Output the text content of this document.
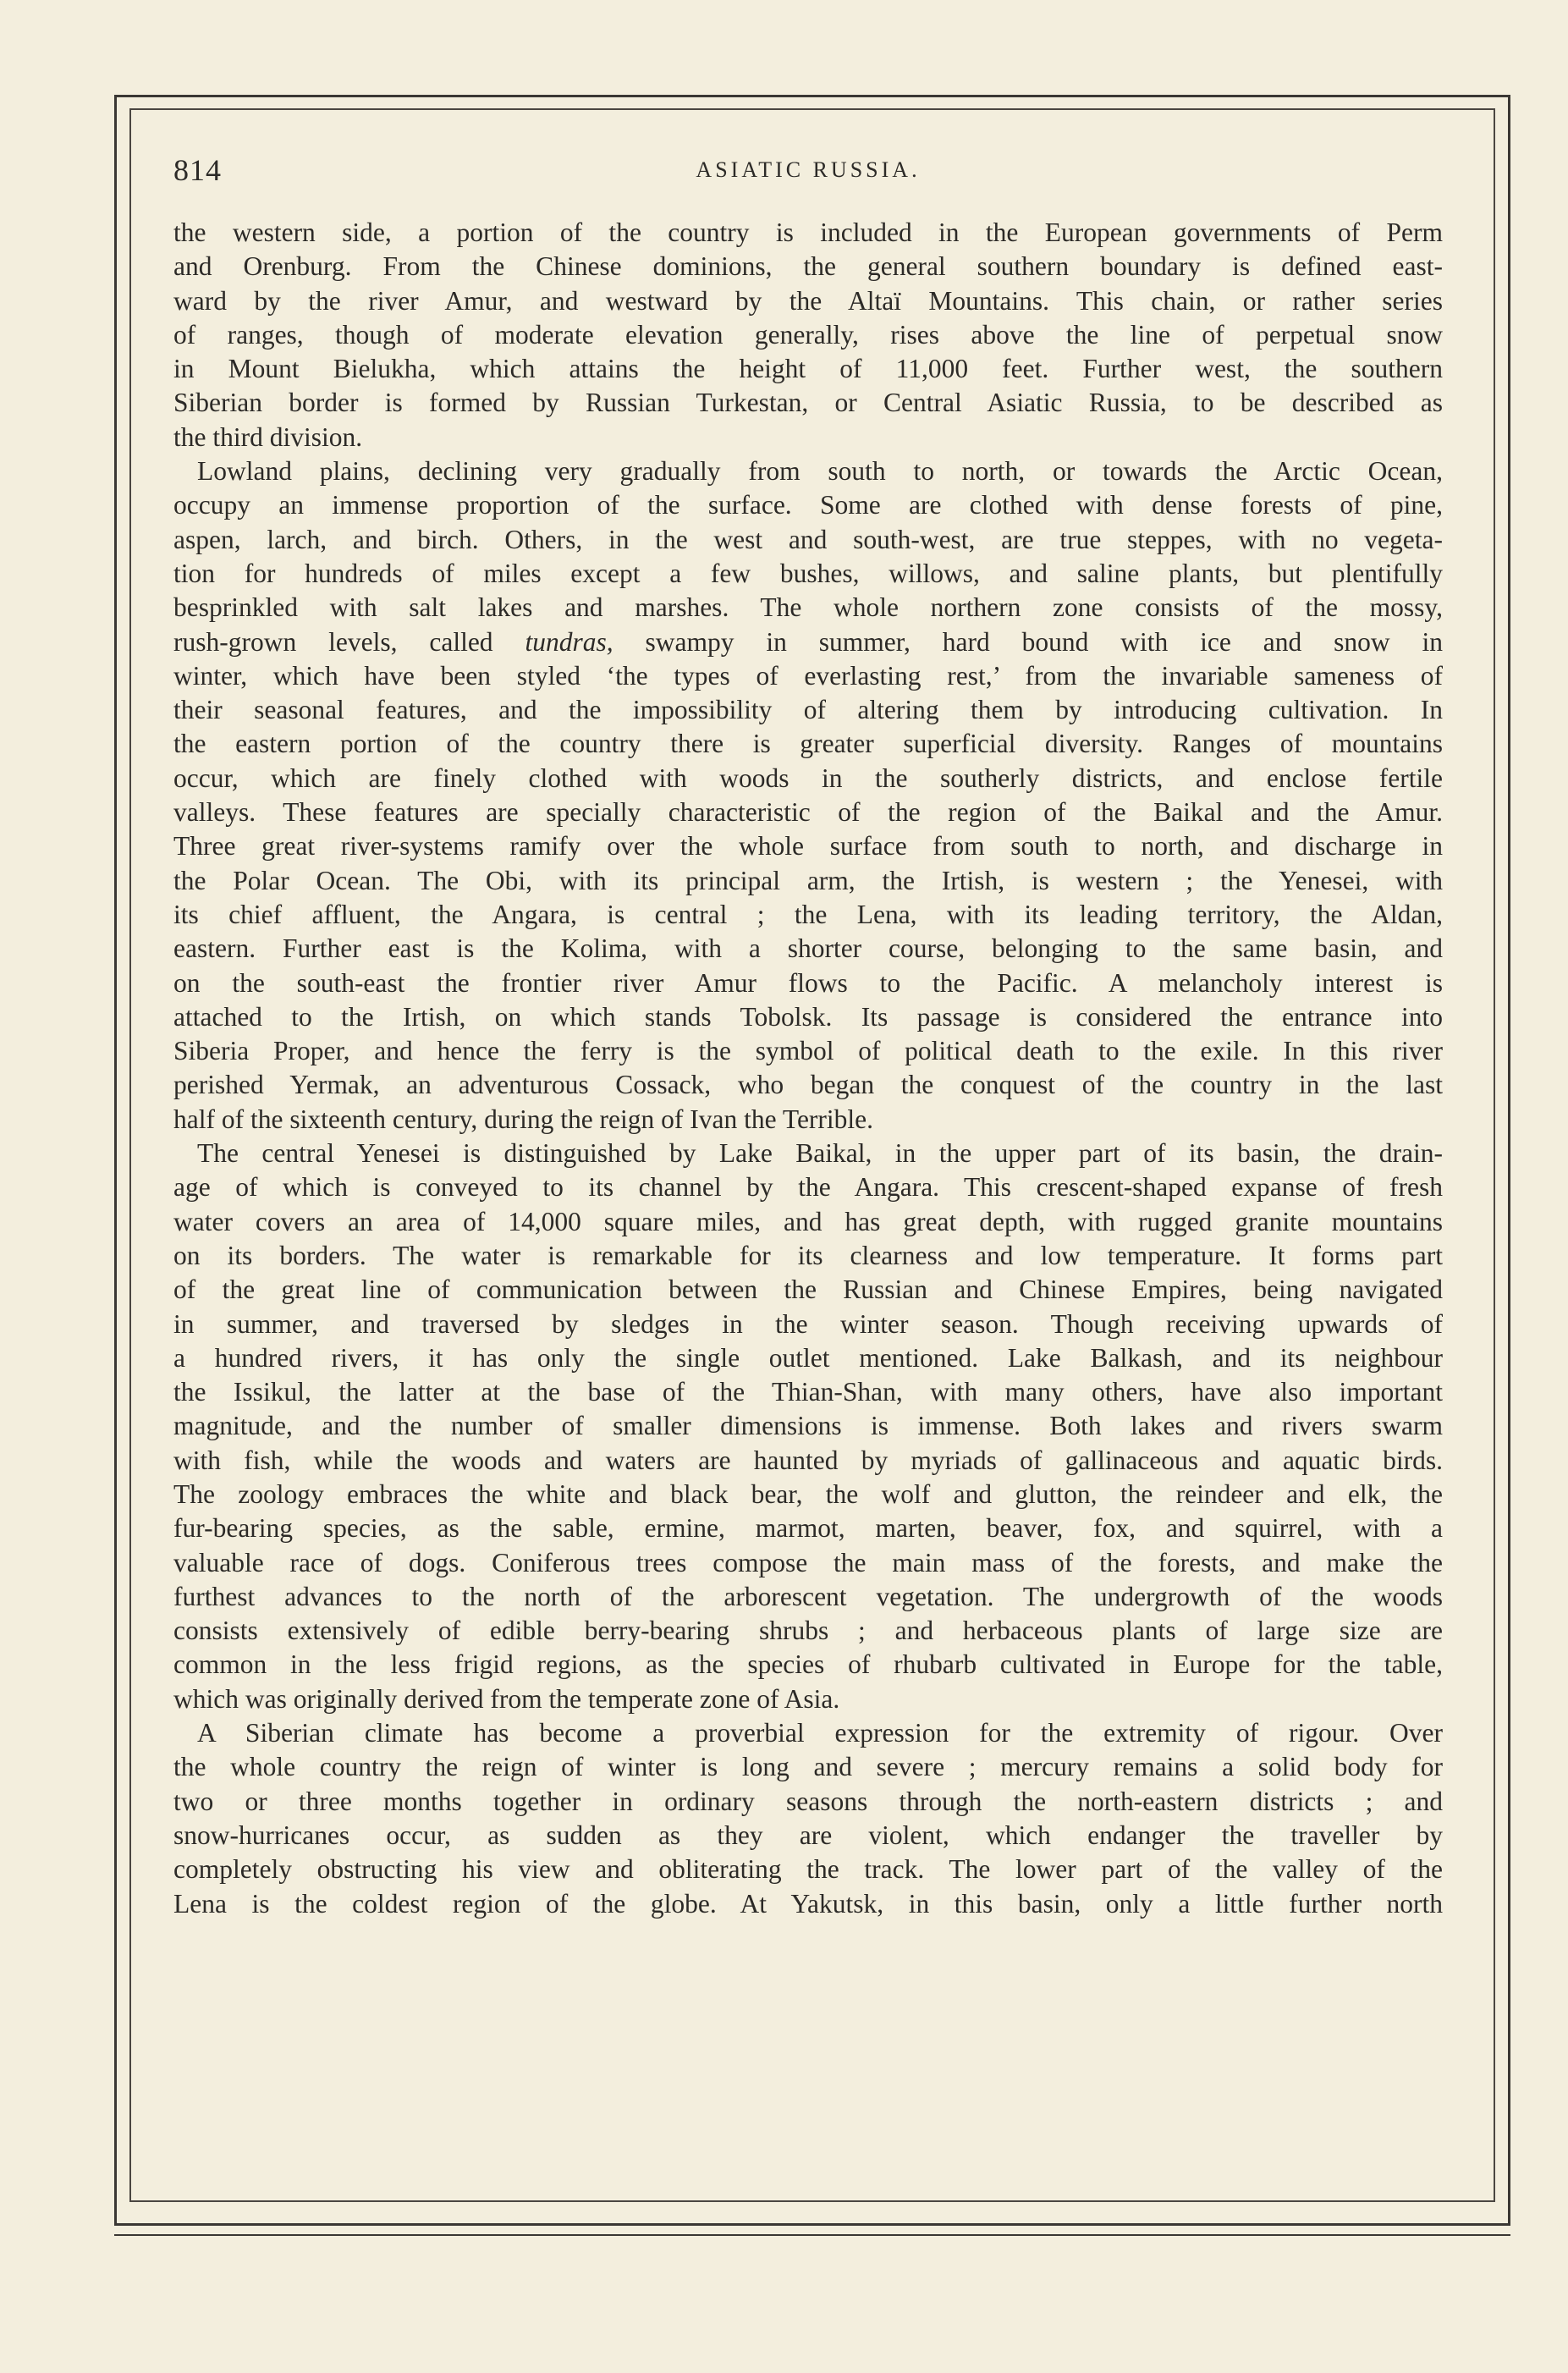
814	ASIATIC RUSSIA.
the western side, a portion of the country is included in the European governments of Perm
and Orenburg. From the Chinese dominions, the general southern boundary is defined east-
ward by the river Amur, and westward by the Altaï Mountains. This chain, or rather series
of ranges, though of moderate elevation generally, rises above the line of perpetual snow
in Mount Bielukha, which attains the height of 11,000 feet. Further west, the southern
Siberian border is formed by Russian Turkestan, or Central Asiatic Russia, to be described as
the third division.
Lowland plains, declining very gradually from south to north, or towards the Arctic Ocean,
occupy an immense proportion of the surface. Some are clothed with dense forests of pine,
aspen, larch, and birch. Others, in the west and south-west, are true steppes, with no vegeta-
tion for hundreds of miles except a few bushes, willows, and saline plants, but plentifully
besprinkled with salt lakes and marshes. The whole northern zone consists of the mossy,
rush-grown levels, called tundras, swampy in summer, hard bound with ice and snow in
winter, which have been styled ‘the types of everlasting rest,’ from the invariable sameness of
their seasonal features, and the impossibility of altering them by introducing cultivation. In
the eastern portion of the country there is greater superficial diversity. Ranges of mountains
occur, which are finely clothed with woods in the southerly districts, and enclose fertile
valleys. These features are specially characteristic of the region of the Baikal and the Amur.
Three great river-systems ramify over the whole surface from south to north, and discharge in
the Polar Ocean. The Obi, with its principal arm, the Irtish, is western ; the Yenesei, with
its chief affluent, the Angara, is central ; the Lena, with its leading territory, the Aldan,
eastern. Further east is the Kolima, with a shorter course, belonging to the same basin, and
on the south-east the frontier river Amur flows to the Pacific. A melancholy interest is
attached to the Irtish, on which stands Tobolsk. Its passage is considered the entrance into
Siberia Proper, and hence the ferry is the symbol of political death to the exile. In this river
perished Yermak, an adventurous Cossack, who began the conquest of the country in the last
half of the sixteenth century, during the reign of Ivan the Terrible.
The central Yenesei is distinguished by Lake Baikal, in the upper part of its basin, the drain-
age of which is conveyed to its channel by the Angara. This crescent-shaped expanse of fresh
water covers an area of 14,000 square miles, and has great depth, with rugged granite mountains
on its borders. The water is remarkable for its clearness and low temperature. It forms part
of the great line of communication between the Russian and Chinese Empires, being navigated
in summer, and traversed by sledges in the winter season. Though receiving upwards of
a hundred rivers, it has only the single outlet mentioned. Lake Balkash, and its neighbour
the Issikul, the latter at the base of the Thian-Shan, with many others, have also important
magnitude, and the number of smaller dimensions is immense. Both lakes and rivers swarm
with fish, while the woods and waters are haunted by myriads of gallinaceous and aquatic birds.
The zoology embraces the white and black bear, the wolf and glutton, the reindeer and elk, the
fur-bearing species, as the sable, ermine, marmot, marten, beaver, fox, and squirrel, with a
valuable race of dogs. Coniferous trees compose the main mass of the forests, and make the
furthest advances to the north of the arborescent vegetation. The undergrowth of the woods
consists extensively of edible berry-bearing shrubs ; and herbaceous plants of large size are
common in the less frigid regions, as the species of rhubarb cultivated in Europe for the table,
which was originally derived from the temperate zone of Asia.
A Siberian climate has become a proverbial expression for the extremity of rigour. Over
the whole country the reign of winter is long and severe ; mercury remains a solid body for
two or three months together in ordinary seasons through the north-eastern districts ; and
snow-hurricanes occur, as sudden as they are violent, which endanger the traveller by
completely obstructing his view and obliterating the track. The lower part of the valley of the
Lena is the coldest region of the globe. At Yakutsk, in this basin, only a little further north
